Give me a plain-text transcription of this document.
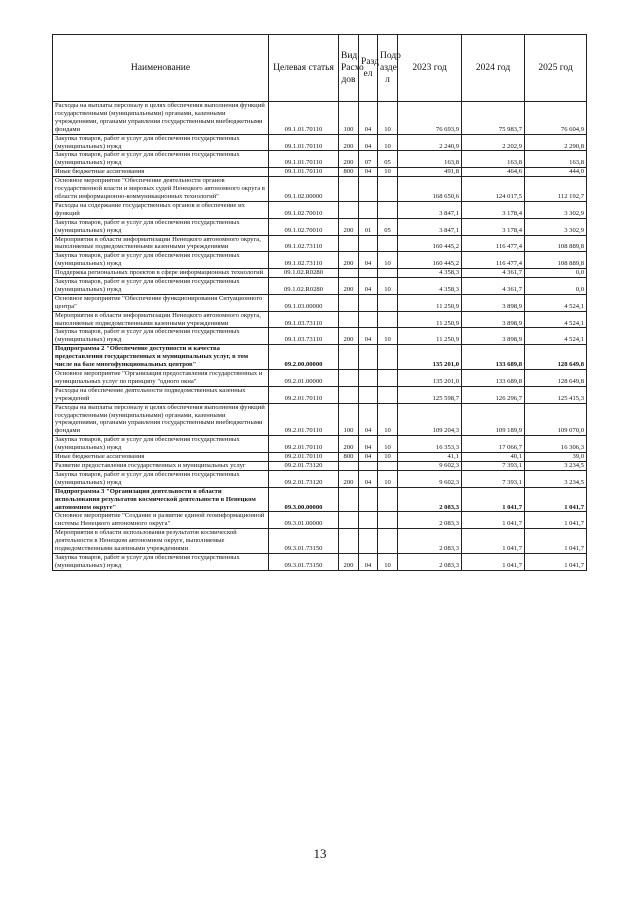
Наименование	Целевая статья	Вид Расхо дов	Разд ел	Подр азде л	2023 год	2024 год	2025 год
Расходы на выплаты персоналу в целях обеспечения выполнения функций государственными (муниципальными) органами, казенными учреждениями, органами управления государственными внебюджетными фондами	09.1.01.70110	100	04	10	76 693,9	75 983,7	76 604,9
Закупка товаров, работ и услуг для обеспечения государственных (муниципальных) нужд	09.1.01.70110	200	04	10	2 240,9	2 202,9	2 290,8
Закупка товаров, работ и услуг для обеспечения государственных (муниципальных) нужд	09.1.01.70110	200	07	05	163,8	163,8	163,8
Иные бюджетные ассигнования	09.1.01.70110	800	04	10	491,8	464,6	444,0
Основное мероприятие "Обеспечение деятельности органов государственной власти и мировых судей Ненецкого автономного округа в области информационно-коммуникационных технологий"	09.1.02.00000				168 650,6	124 017,5	112 192,7
Расходы на содержание государственных органов и обеспечение их функций	09.1.02.70010				3 847,1	3 178,4	3 302,9
Закупка товаров, работ и услуг для обеспечения государственных (муниципальных) нужд	09.1.02.70010	200	01	05	3 847,1	3 178,4	3 302,9
Мероприятия в области информатизации Ненецкого автономного округа, выполняемые подведомственными казенными учреждениями	09.1.02.73110				160 445,2	116 477,4	108 889,8
Закупка товаров, работ и услуг для обеспечения государственных (муниципальных) нужд	09.1.02.73110	200	04	10	160 445,2	116 477,4	108 889,8
Поддержка региональных проектов в сфере информационных технологий	09.1.02.R0280				4 358,3	4 361,7	0,0
Закупка товаров, работ и услуг для обеспечения государственных (муниципальных) нужд	09.1.02.R0280	200	04	10	4 358,3	4 361,7	0,0
Основное мероприятие "Обеспечение функционирования Ситуационного центра"	09.1.03.00000				11 250,9	3 898,9	4 524,1
Мероприятия в области информатизации Ненецкого автономного округа, выполняемые подведомственными казенными учреждениями	09.1.03.73110				11 250,9	3 898,9	4 524,1
Закупка товаров, работ и услуг для обеспечения государственных (муниципальных) нужд	09.1.03.73110	200	04	10	11 250,9	3 898,9	4 524,1
Подпрограмма 2 "Обеспечение доступности и качества предоставления государственных и муниципальных услуг, в том числе на базе многофункциональных центров"	09.2.00.00000				135 201,0	133 689,8	128 649,8
Основное мероприятие "Организация предоставления государственных и муниципальных услуг по принципу "одного окна"	09.2.01.00000				135 201,0	133 689,8	128 649,8
Расходы на обеспечение деятельности подведомственных казенных учреждений	09.2.01.70110				125 598,7	126 296,7	125 415,3
Расходы на выплаты персоналу в целях обеспечения выполнения функций государственными (муниципальными) органами, казенными учреждениями, органами управления государственными внебюджетными фондами	09.2.01.70110	100	04	10	109 204,3	109 189,9	109 070,0
Закупка товаров, работ и услуг для обеспечения государственных (муниципальных) нужд	09.2.01.70110	200	04	10	16 353,3	17 066,7	16 306,3
Иные бюджетные ассигнования	09.2.01.70110	800	04	10	41,1	40,1	39,0
Развитие предоставления государственных и муниципальных услуг	09.2.01.73120				9 602,3	7 393,1	3 234,5
Закупка товаров, работ и услуг для обеспечения государственных (муниципальных) нужд	09.2.01.73120	200	04	10	9 602,3	7 393,1	3 234,5
Подпрограмма 3 "Организация деятельности в области использования результатов космической деятельности в Ненецком автономном округе"	09.3.00.00000				2 083,3	1 041,7	1 041,7
Основное мероприятие "Создание и развитие единой геоинформационной системы Ненецкого автономного округа"	09.3.01.00000				2 083,3	1 041,7	1 041,7
Мероприятия в области использования результатов космической деятельности в Ненецком автономном округе, выполняемые подведомственными казенными учреждениями	09.3.01.73150				2 083,3	1 041,7	1 041,7
Закупка товаров, работ и услуг для обеспечения государственных (муниципальных) нужд	09.3.01.73150	200	04	10	2 083,3	1 041,7	1 041,7
13
